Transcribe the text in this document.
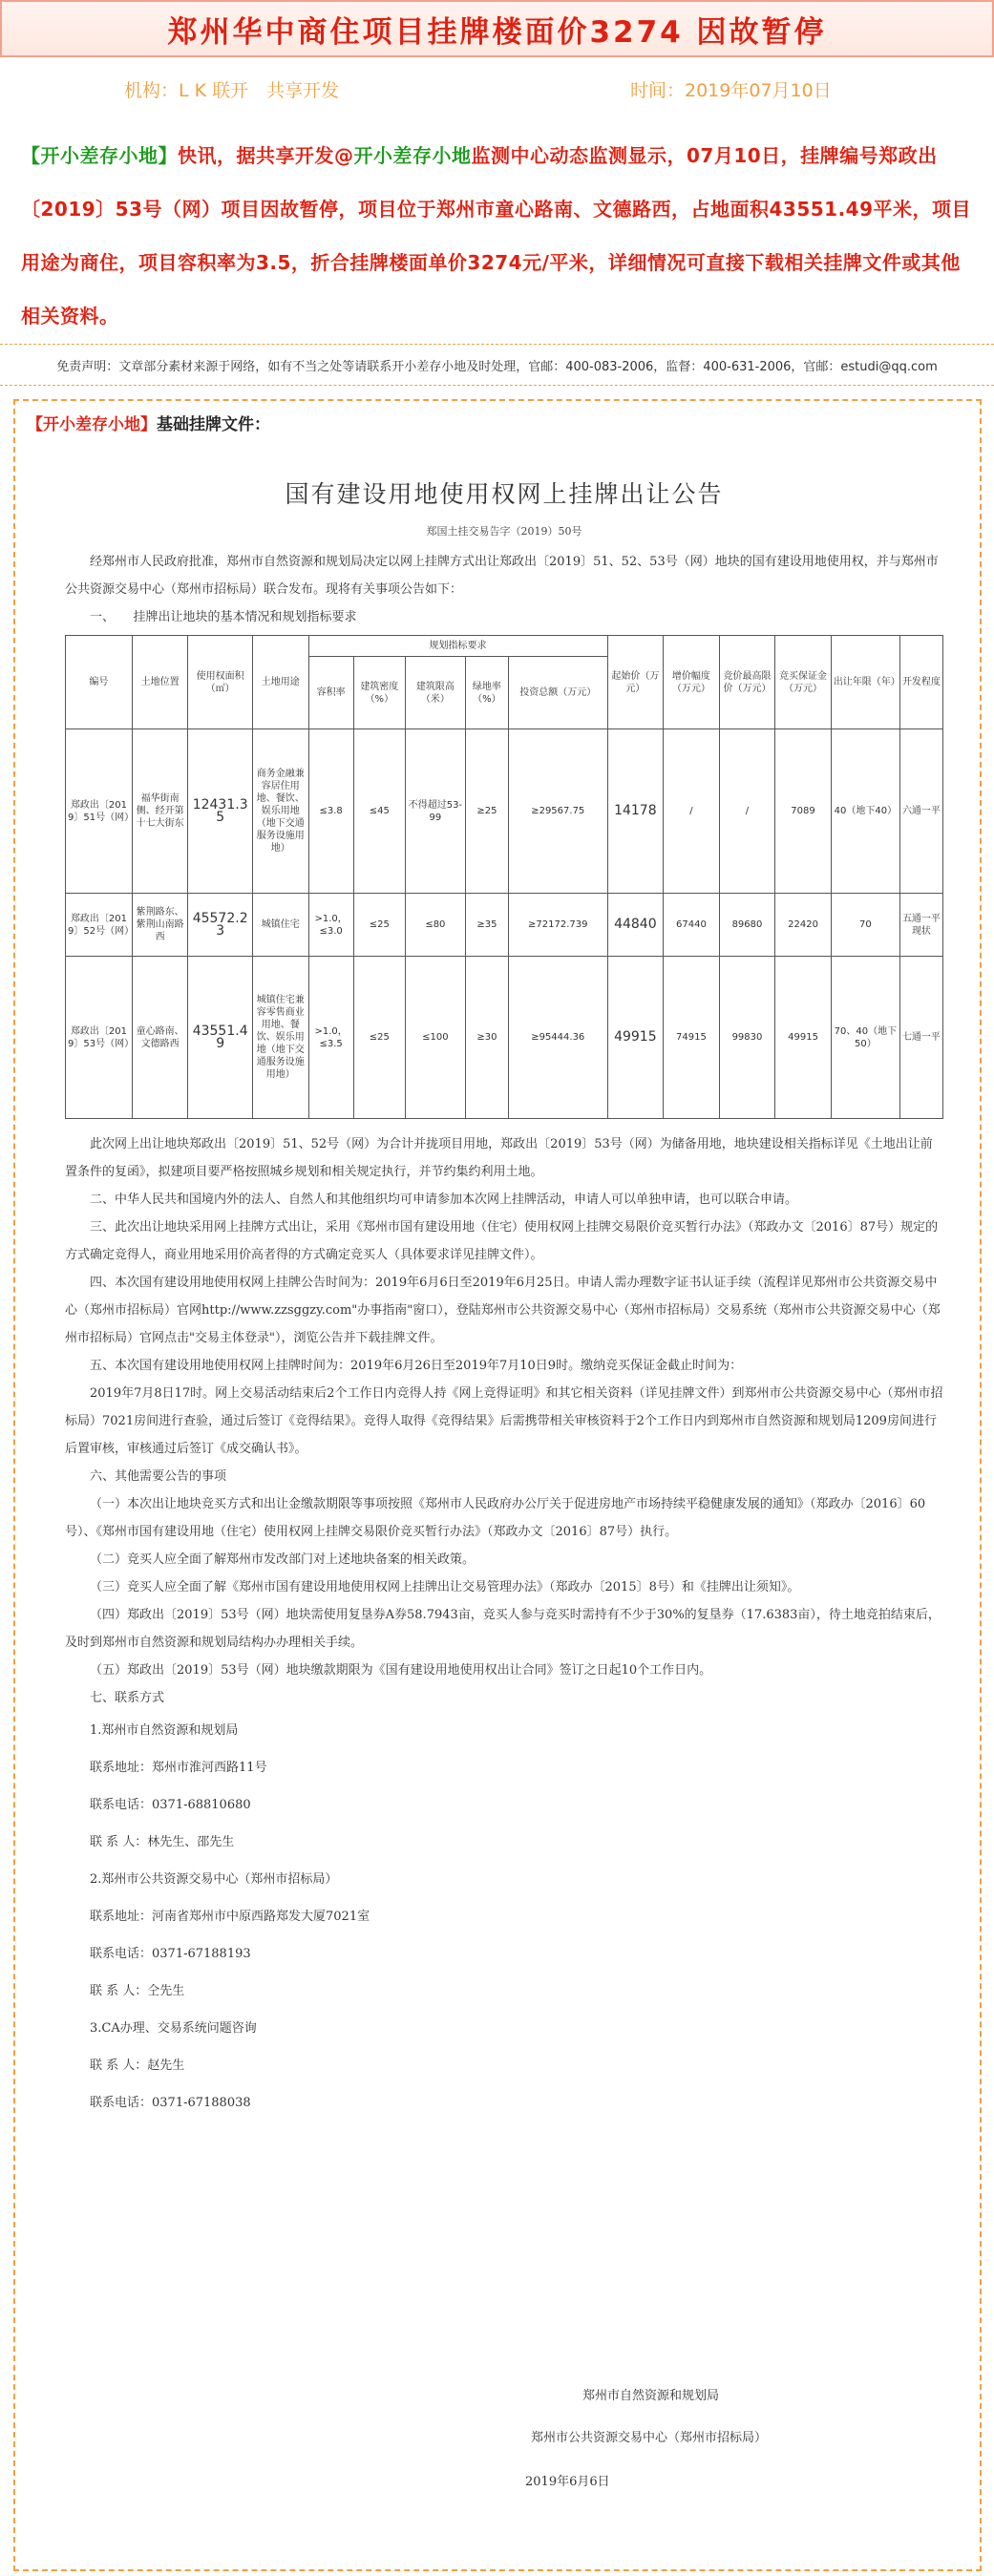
郑州华中商住项目挂牌楼面价3274 因故暂停
机构：L K 联开　共享开发	时间：2019年07月10日
【开小差存小地】快讯，据共享开发@开小差存小地监测中心动态监测显示，07月10日，挂牌编号郑政出〔2019〕53号（网）项目因故暂停，项目位于郑州市童心路南、文德路西，占地面积43551.49平米，项目用途为商住，项目容积率为3.5，折合挂牌楼面单价3274元/平米，详细情况可直接下载相关挂牌文件或其他相关资料。
免责声明：文章部分素材来源于网络，如有不当之处等请联系开小差存小地及时处理，官邮：400-083-2006，监督：400-631-2006，官邮：estudi@qq.com
【开小差存小地】基础挂牌文件：
国有建设用地使用权网上挂牌出让公告
郑国土挂交易告字（2019）50号
经郑州市人民政府批准，郑州市自然资源和规划局决定以网上挂牌方式出让郑政出〔2019〕51、52、53号（网）地块的国有建设用地使用权，并与郑州市公共资源交易中心（郑州市招标局）联合发布。现将有关事项公告如下：
一、　　挂牌出让地块的基本情况和规划指标要求
编号	土地位置	使用权面积（㎡）	土地用途	规划指标要求					起始价（万元）	增价幅度（万元）	竞价最高限价（万元）	竞买保证金（万元）	出让年限（年）	开发程度
				容积率	建筑密度（%）	建筑限高（米）	绿地率（%）	投资总额（万元）						
郑政出〔2019〕51号（网）	福华街南侧、经开第十七大街东	12431.35	商务金融兼容居住用地、餐饮、娱乐用地（地下交通服务设施用地）	≤3.8	≤45	不得超过53-99	≥25	≥29567.75	14178	/	/	7089	40（地下40）	六通一平
郑政出〔2019〕52号（网）	紫荆路东、紫荆山南路西	45572.23	城镇住宅	>1.0，≤3.0	≤25	≤80	≥35	≥72172.739	44840	67440	89680	22420	70	五通一平现状
郑政出〔2019〕53号（网）	童心路南、文德路西	43551.49	城镇住宅兼容零售商业用地、餐饮、娱乐用地（地下交通服务设施用地）	>1.0，≤3.5	≤25	≤100	≥30	≥95444.36	49915	74915	99830	49915	70、40（地下50）	七通一平
此次网上出让地块郑政出〔2019〕51、52号（网）为合计并拢项目用地，郑政出〔2019〕53号（网）为储备用地，地块建设相关指标详见《土地出让前置条件的复函》，拟建项目要严格按照城乡规划和相关规定执行，并节约集约利用土地。
二、中华人民共和国境内外的法人、自然人和其他组织均可申请参加本次网上挂牌活动，申请人可以单独申请，也可以联合申请。
三、此次出让地块采用网上挂牌方式出让，采用《郑州市国有建设用地（住宅）使用权网上挂牌交易限价竞买暂行办法》（郑政办文〔2016〕87号）规定的方式确定竞得人，商业用地采用价高者得的方式确定竞买人（具体要求详见挂牌文件）。
四、本次国有建设用地使用权网上挂牌公告时间为：2019年6月6日至2019年6月25日。申请人需办理数字证书认证手续（流程详见郑州市公共资源交易中心（郑州市招标局）官网http://www.zzsggzy.com"办事指南"窗口），登陆郑州市公共资源交易中心（郑州市招标局）交易系统（郑州市公共资源交易中心（郑州市招标局）官网点击"交易主体登录"），浏览公告并下载挂牌文件。
五、本次国有建设用地使用权网上挂牌时间为：2019年6月26日至2019年7月10日9时。缴纳竞买保证金截止时间为：
2019年7月8日17时。网上交易活动结束后2个工作日内竞得人持《网上竞得证明》和其它相关资料（详见挂牌文件）到郑州市公共资源交易中心（郑州市招标局）7021房间进行查验，通过后签订《竞得结果》。竞得人取得《竞得结果》后需携带相关审核资料于2个工作日内到郑州市自然资源和规划局1209房间进行后置审核，审核通过后签订《成交确认书》。
六、其他需要公告的事项
（一）本次出让地块竞买方式和出让金缴款期限等事项按照《郑州市人民政府办公厅关于促进房地产市场持续平稳健康发展的通知》（郑政办〔2016〕60号）、《郑州市国有建设用地（住宅）使用权网上挂牌交易限价竞买暂行办法》（郑政办文〔2016〕87号）执行。
（二）竞买人应全面了解郑州市发改部门对上述地块备案的相关政策。
（三）竞买人应全面了解《郑州市国有建设用地使用权网上挂牌出让交易管理办法》（郑政办〔2015〕8号）和《挂牌出让须知》。
（四）郑政出〔2019〕53号（网）地块需使用复垦券A券58.7943亩，竞买人参与竞买时需持有不少于30%的复垦券（17.6383亩），待土地竞拍结束后，及时到郑州市自然资源和规划局结构办办理相关手续。
（五）郑政出〔2019〕53号（网）地块缴款期限为《国有建设用地使用权出让合同》签订之日起10个工作日内。
七、联系方式
1.郑州市自然资源和规划局
联系地址：郑州市淮河西路11号
联系电话：0371-68810680
联 系 人：林先生、邵先生
2.郑州市公共资源交易中心（郑州市招标局）
联系地址：河南省郑州市中原西路郑发大厦7021室
联系电话：0371-67188193
联 系 人：仝先生
3.CA办理、交易系统问题咨询
联 系 人：赵先生
联系电话：0371-67188038
郑州市自然资源和规划局
郑州市公共资源交易中心（郑州市招标局）
2019年6月6日
